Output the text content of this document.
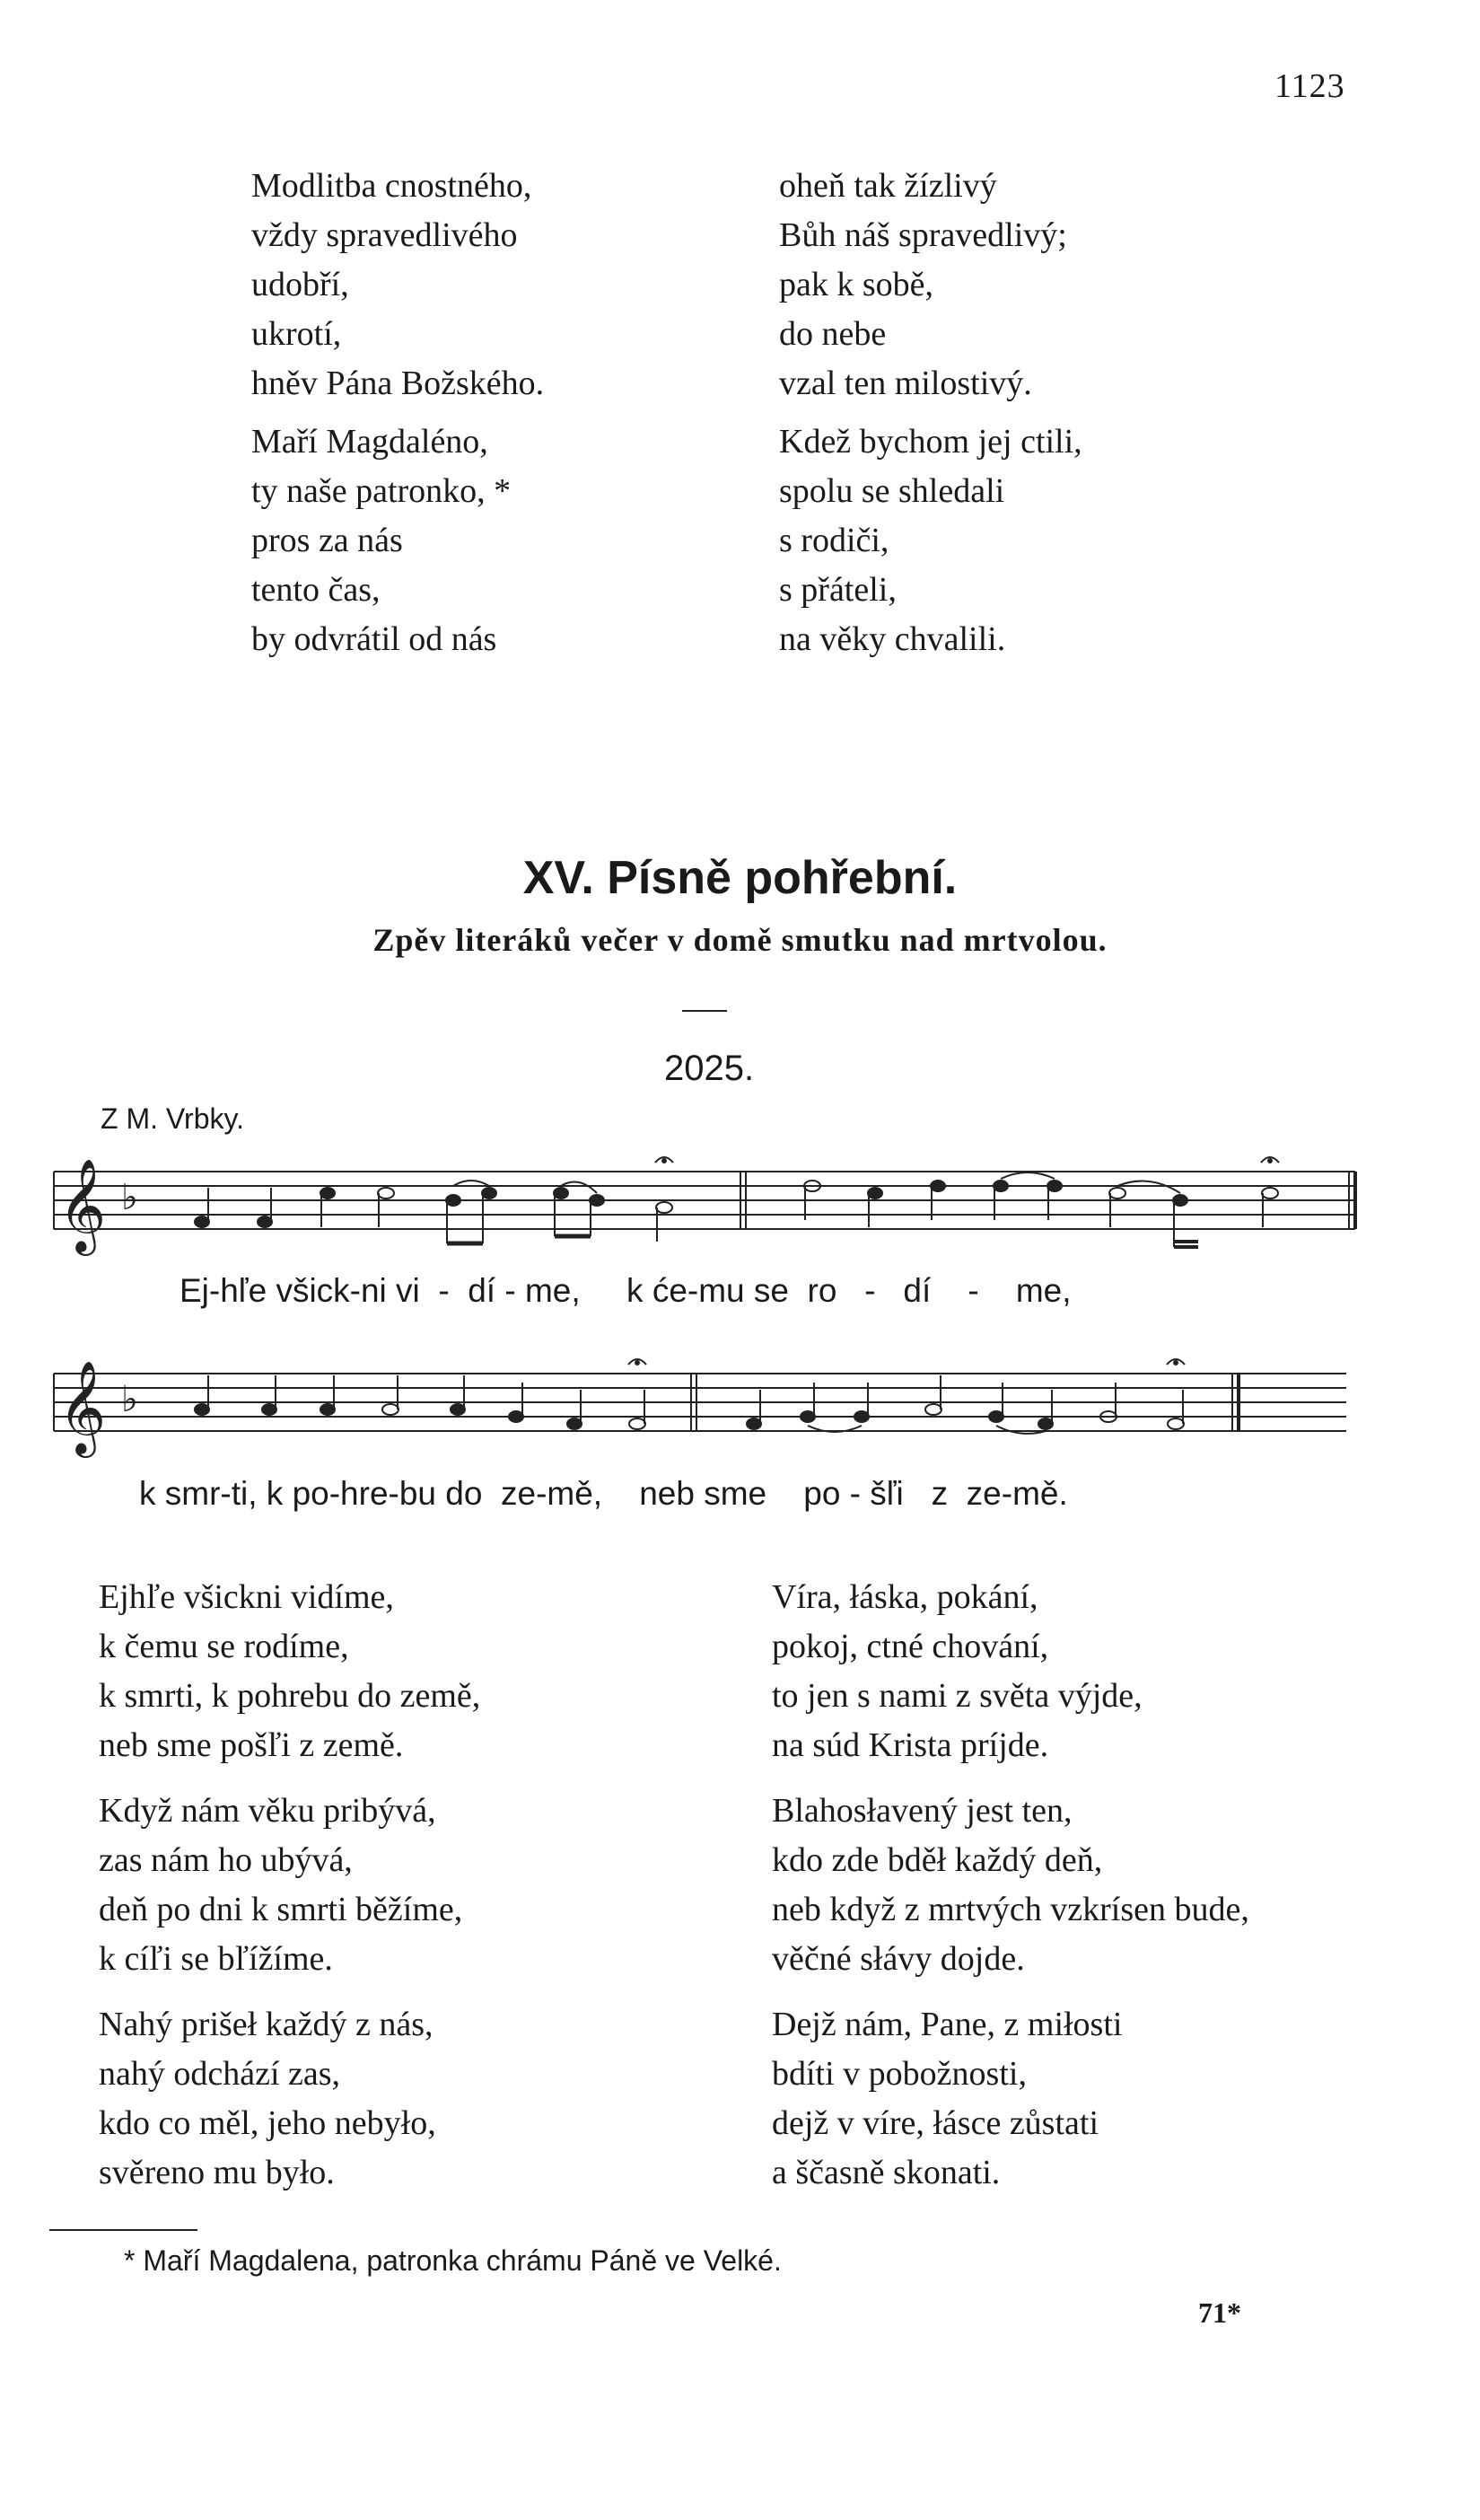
1123
Modlitba cnostného,
vždy spravedlivého
udobří,
ukrotí,
hněv Pána Božského.
Maří Magdaléno,
ty naše patronko, *
pros za nás
tento čas,
by odvrátil od nás
oheň tak žízlivý
Bůh náš spravedlivý;
pak k sobě,
do nebe
vzal ten milostivý.
Kdež bychom jej ctili,
spolu se shledali
s rodiči,
s přáteli,
na věky chvalili.
XV. Písně pohřební.
Zpěv literáků večer v domě smutku nad mrtvolou.
2025.
Z M. Vrbky.
𝄞 ♭
Ej-hľe všick-ni vi  -  dí - me,     k će-mu se  ro   -   dí    -    me,
𝄞 ♭
k smr-ti, k po-hre-bu do  ze-mě,    neb sme    po - šľi   z  ze-mě.
Ejhľe všickni vidíme,
k čemu se rodíme,
k smrti, k pohrebu do země,
neb sme pošľi z země.
Když nám věku pribývá,
zas nám ho ubývá,
deň po dni k smrti běžíme,
k cíľi se bľížíme.
Nahý prišeł každý z nás,
nahý odchází zas,
kdo co měl, jeho nebyło,
svěreno mu było.
Víra, łáska, pokání,
pokoj, ctné chování,
to jen s nami z světa výjde,
na súd Krista príjde.
Blahosłavený jest ten,
kdo zde bděł každý deň,
neb když z mrtvých vzkrísen bude,
věčné słávy dojde.
Dejž nám, Pane, z miłosti
bdíti v pobožnosti,
dejž v víre, łásce zůstati
a ščasně skonati.
* Maří Magdalena, patronka chrámu Páně ve Velké.
71*
